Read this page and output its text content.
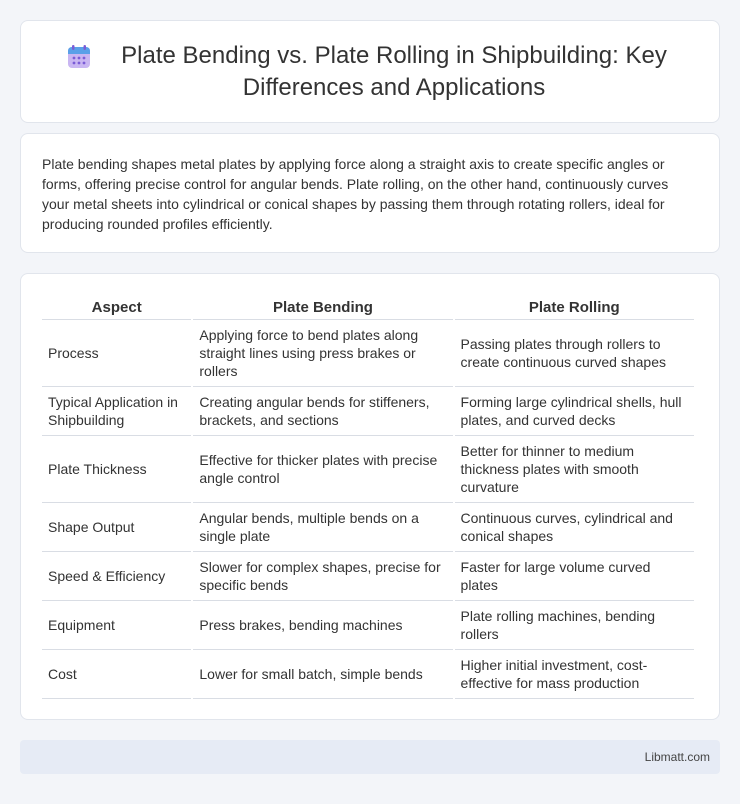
Plate Bending vs. Plate Rolling in Shipbuilding: Key Differences and Applications

Plate bending shapes metal plates by applying force along a straight axis to create specific angles or forms, offering precise control for angular bends. Plate rolling, on the other hand, continuously curves your metal sheets into cylindrical or conical shapes by passing them through rotating rollers, ideal for producing rounded profiles efficiently.

Aspect	Plate Bending	Plate Rolling
Process	Applying force to bend plates along straight lines using press brakes or rollers	Passing plates through rollers to create continuous curved shapes
Typical Application in Shipbuilding	Creating angular bends for stiffeners, brackets, and sections	Forming large cylindrical shells, hull plates, and curved decks
Plate Thickness	Effective for thicker plates with precise angle control	Better for thinner to medium thickness plates with smooth curvature
Shape Output	Angular bends, multiple bends on a single plate	Continuous curves, cylindrical and conical shapes
Speed & Efficiency	Slower for complex shapes, precise for specific bends	Faster for large volume curved plates
Equipment	Press brakes, bending machines	Plate rolling machines, bending rollers
Cost	Lower for small batch, simple bends	Higher initial investment, cost-effective for mass production
Libmatt.com
